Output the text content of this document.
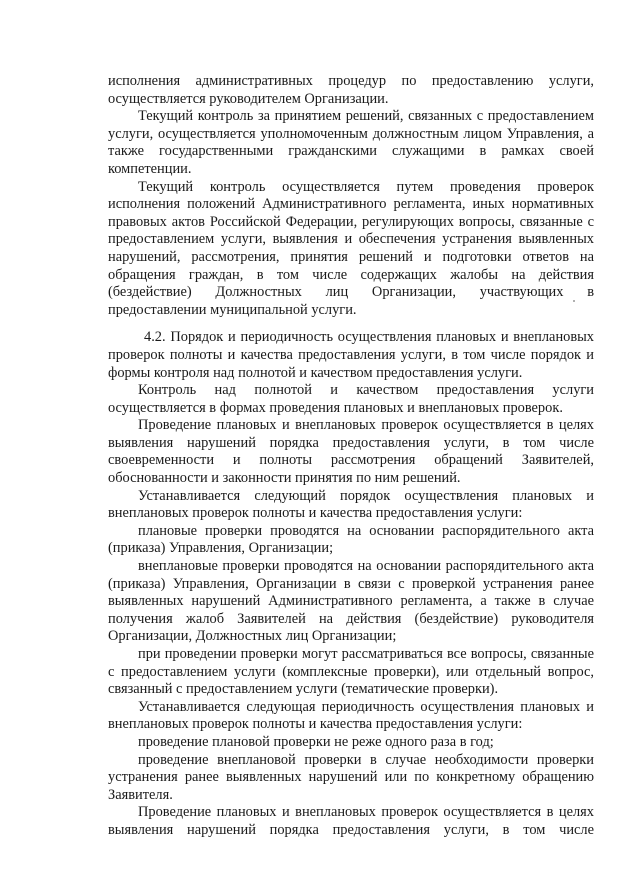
исполнения административных процедур по предоставлению услуги, осуществляется руководителем Организации.

Текущий контроль за принятием решений, связанных с предоставлением услуги, осуществляется уполномоченным должностным лицом Управления, а также государственными гражданскими служащими в рамках своей компетенции.

Текущий контроль осуществляется путем проведения проверок исполнения положений Административного регламента, иных нормативных правовых актов Российской Федерации, регулирующих вопросы, связанные с предоставлением услуги, выявления и обеспечения устранения выявленных нарушений, рассмотрения, принятия решений и подготовки ответов на обращения граждан, в том числе содержащих жалобы на действия (бездействие) Должностных лиц Организации, участвующих в предоставлении муниципальной услуги.

4.2. Порядок и периодичность осуществления плановых и внеплановых проверок полноты и качества предоставления услуги, в том числе порядок и формы контроля над полнотой и качеством предоставления услуги.

Контроль над полнотой и качеством предоставления услуги осуществляется в формах проведения плановых и внеплановых проверок.

Проведение плановых и внеплановых проверок осуществляется в целях выявления нарушений порядка предоставления услуги, в том числе своевременности и полноты рассмотрения обращений Заявителей, обоснованности и законности принятия по ним решений.

Устанавливается следующий порядок осуществления плановых и внеплановых проверок полноты и качества предоставления услуги:

плановые проверки проводятся на основании распорядительного акта (приказа) Управления, Организации;

внеплановые проверки проводятся на основании распорядительного акта (приказа) Управления, Организации в связи с проверкой устранения ранее выявленных нарушений Административного регламента, а также в случае получения жалоб Заявителей на действия (бездействие) руководителя Организации, Должностных лиц Организации;

при проведении проверки могут рассматриваться все вопросы, связанные с предоставлением услуги (комплексные проверки), или отдельный вопрос, связанный с предоставлением услуги (тематические проверки).

Устанавливается следующая периодичность осуществления плановых и внеплановых проверок полноты и качества предоставления услуги:

проведение плановой проверки не реже одного раза в год;

проведение внеплановой проверки в случае необходимости проверки устранения ранее выявленных нарушений или по конкретному обращению Заявителя.

Проведение плановых и внеплановых проверок осуществляется в целях выявления нарушений порядка предоставления услуги, в том числе
